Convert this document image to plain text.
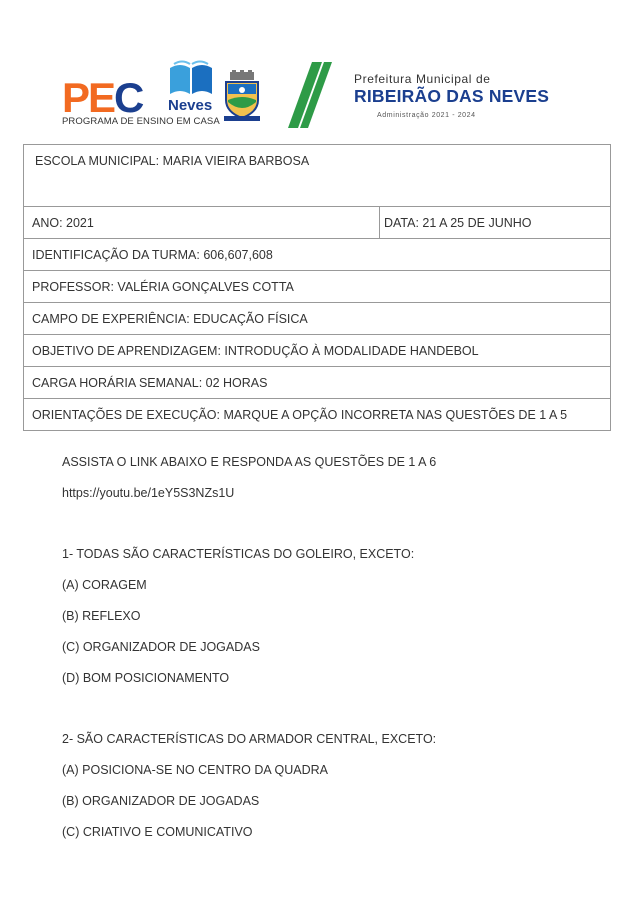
PEC Neves
PROGRAMA DE ENSINO EM CASA
Prefeitura Municipal de
RIBEIRÃO DAS NEVES
Administração 2021 - 2024
ESCOLA MUNICIPAL: MARIA VIEIRA BARBOSA
ANO: 2021	DATA: 21 A 25 DE JUNHO
IDENTIFICAÇÃO DA TURMA: 606,607,608
PROFESSOR: VALÉRIA GONÇALVES COTTA
CAMPO DE EXPERIÊNCIA: EDUCAÇÃO FÍSICA
OBJETIVO DE APRENDIZAGEM: INTRODUÇÃO À MODALIDADE HANDEBOL
CARGA HORÁRIA SEMANAL: 02 HORAS
ORIENTAÇÕES DE EXECUÇÃO: MARQUE A OPÇÃO INCORRETA NAS QUESTÕES DE 1 A 5
ASSISTA O LINK ABAIXO E RESPONDA AS QUESTÕES DE 1 A 6
https://youtu.be/1eY5S3NZs1U
1- TODAS SÃO CARACTERÍSTICAS DO GOLEIRO, EXCETO:
(A) CORAGEM
(B) REFLEXO
(C) ORGANIZADOR DE JOGADAS
(D) BOM POSICIONAMENTO
2- SÃO CARACTERÍSTICAS DO ARMADOR CENTRAL, EXCETO:
(A) POSICIONA-SE NO CENTRO DA QUADRA
(B) ORGANIZADOR DE JOGADAS
(C) CRIATIVO E COMUNICATIVO
